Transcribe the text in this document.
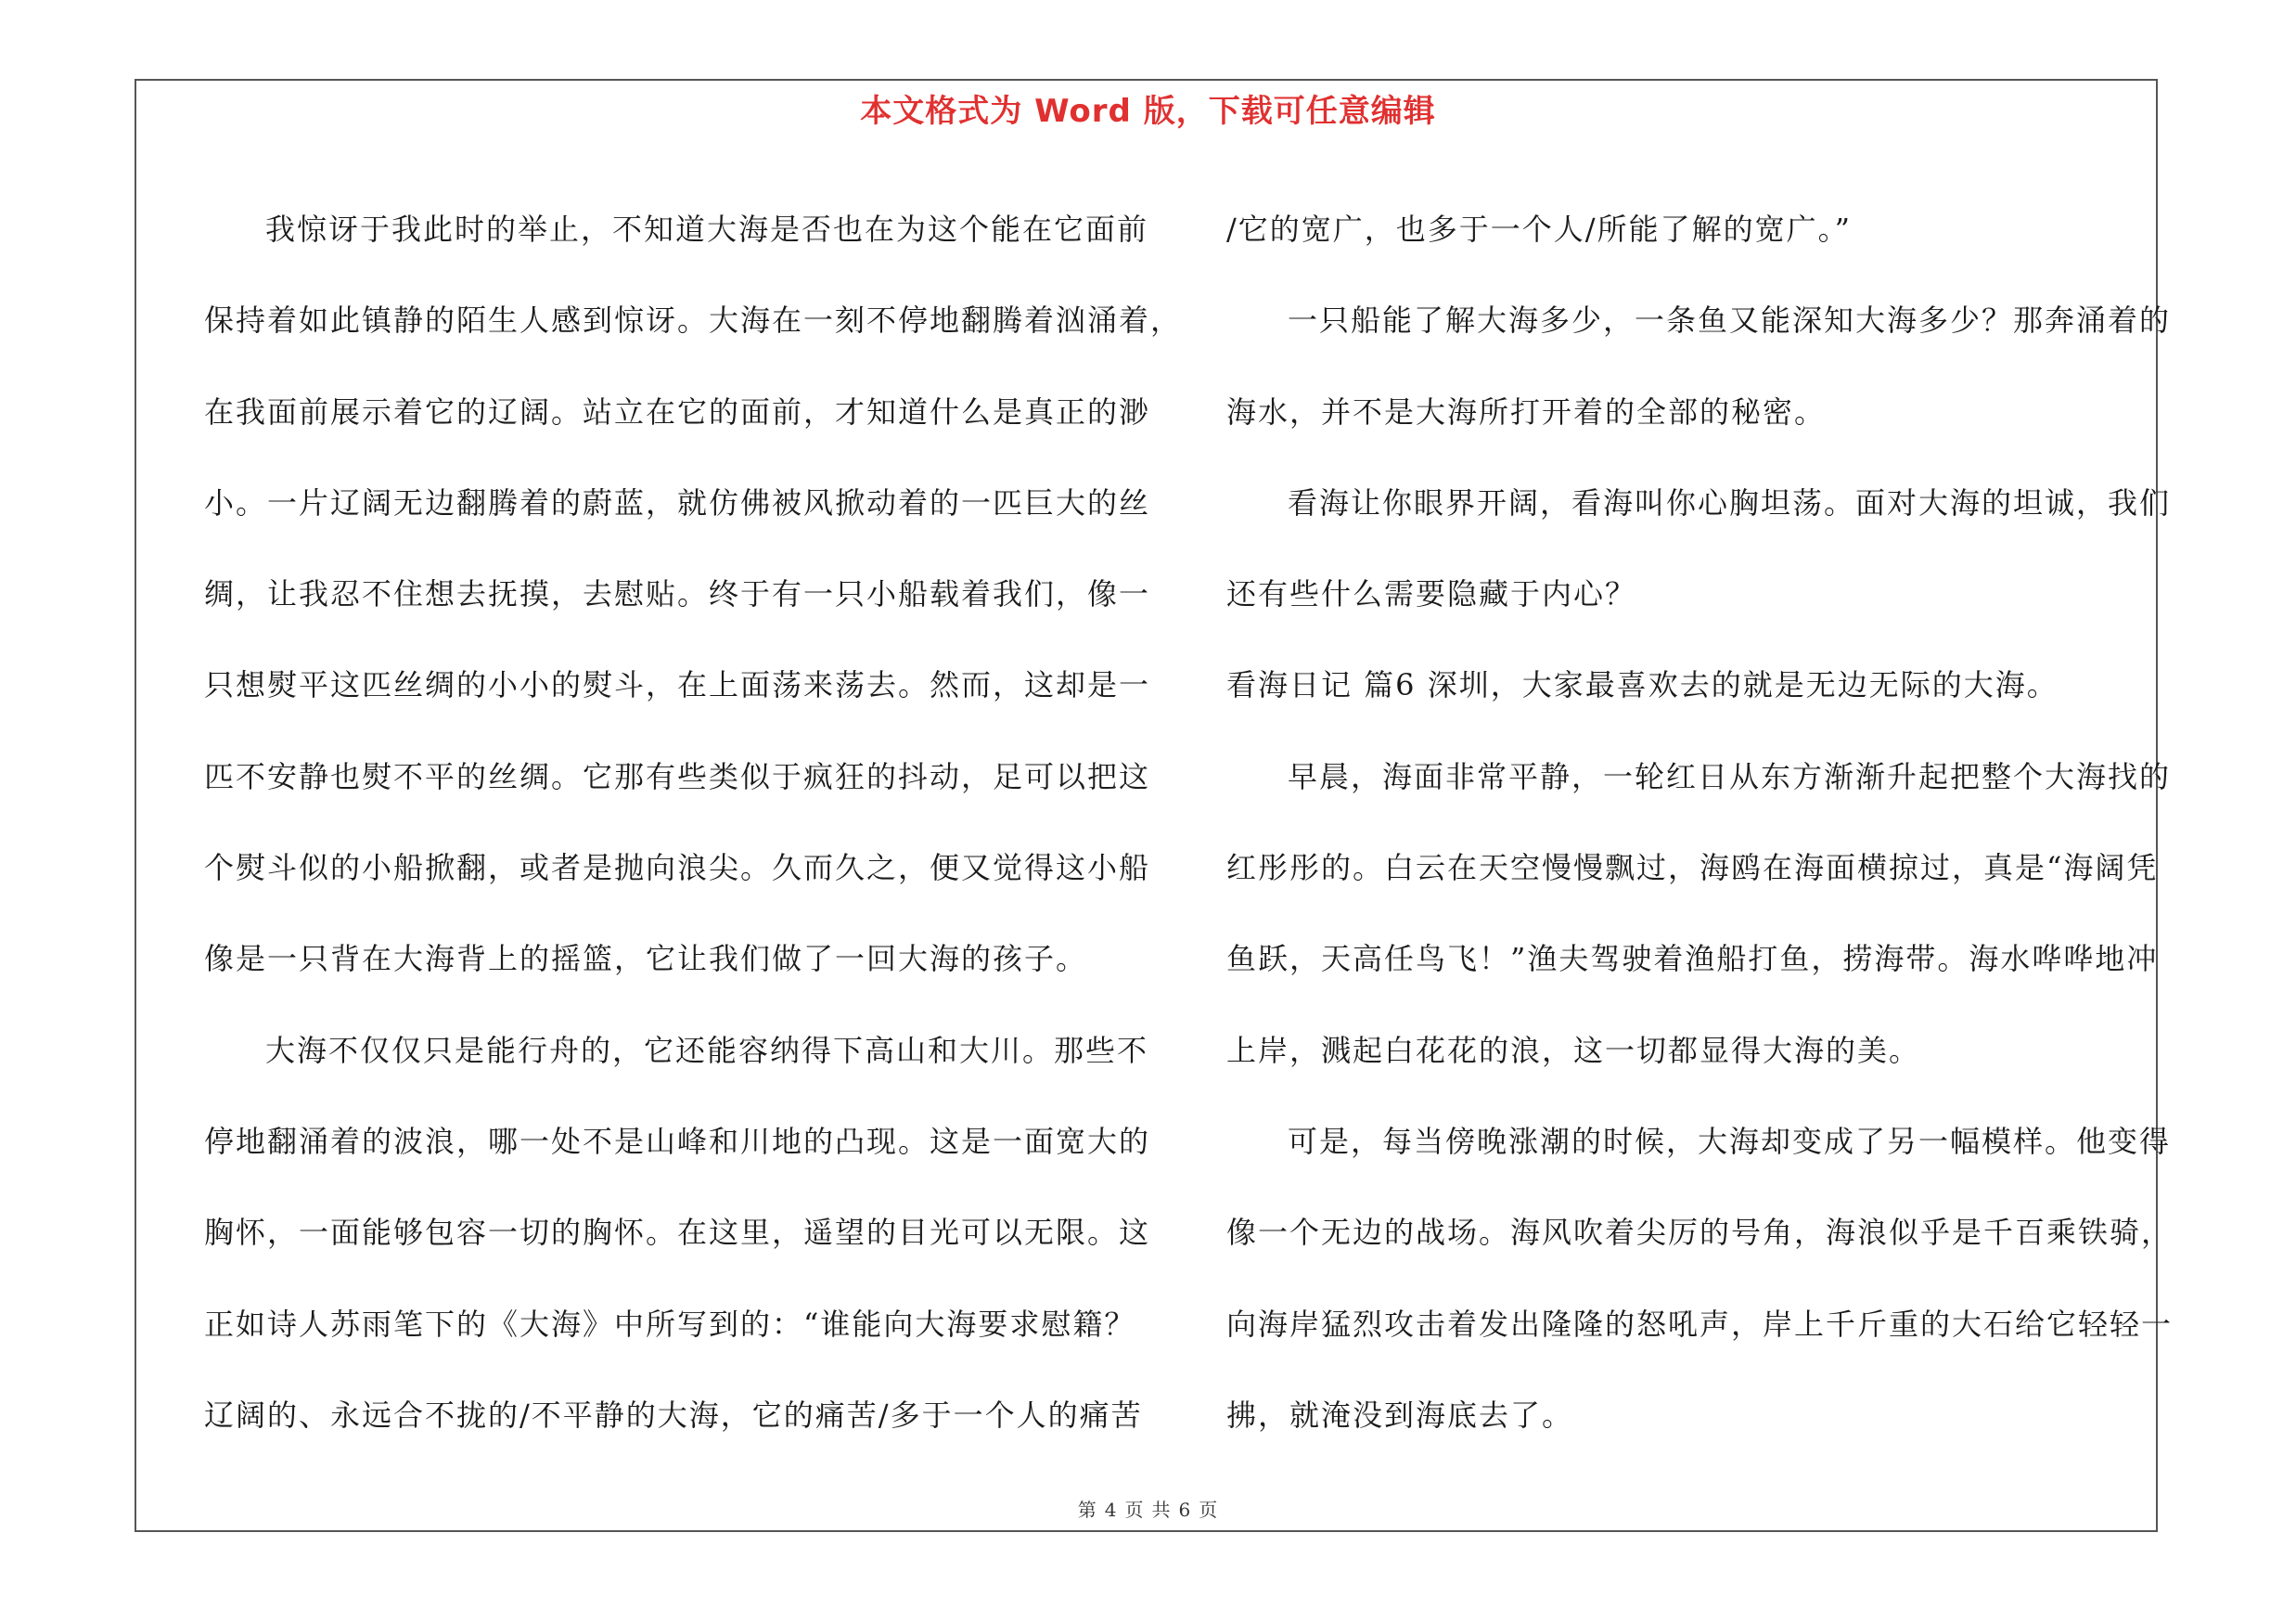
本文格式为 Word 版，下载可任意编辑
我惊讶于我此时的举止，不知道大海是否也在为这个能在它面前
保持着如此镇静的陌生人感到惊讶。大海在一刻不停地翻腾着汹涌着，
在我面前展示着它的辽阔。站立在它的面前，才知道什么是真正的渺
小。一片辽阔无边翻腾着的蔚蓝，就仿佛被风掀动着的一匹巨大的丝
绸，让我忍不住想去抚摸，去慰贴。终于有一只小船载着我们，像一
只想熨平这匹丝绸的小小的熨斗，在上面荡来荡去。然而，这却是一
匹不安静也熨不平的丝绸。它那有些类似于疯狂的抖动，足可以把这
个熨斗似的小船掀翻，或者是抛向浪尖。久而久之，便又觉得这小船
像是一只背在大海背上的摇篮，它让我们做了一回大海的孩子。
大海不仅仅只是能行舟的，它还能容纳得下高山和大川。那些不
停地翻涌着的波浪，哪一处不是山峰和川地的凸现。这是一面宽大的
胸怀，一面能够包容一切的胸怀。在这里，遥望的目光可以无限。这
正如诗人苏雨笔下的《大海》中所写到的：“谁能向大海要求慰籍？
辽阔的、永远合不拢的/不平静的大海，它的痛苦/多于一个人的痛苦
/它的宽广，也多于一个人/所能了解的宽广。”
一只船能了解大海多少，一条鱼又能深知大海多少？那奔涌着的
海水，并不是大海所打开着的全部的秘密。
看海让你眼界开阔，看海叫你心胸坦荡。面对大海的坦诚，我们
还有些什么需要隐藏于内心？
看海日记 篇6 深圳，大家最喜欢去的就是无边无际的大海。
早晨，海面非常平静，一轮红日从东方渐渐升起把整个大海找的
红彤彤的。白云在天空慢慢飘过，海鸥在海面横掠过，真是“海阔凭
鱼跃，天高任鸟飞！”渔夫驾驶着渔船打鱼，捞海带。海水哗哗地冲
上岸，溅起白花花的浪，这一切都显得大海的美。
可是，每当傍晚涨潮的时候，大海却变成了另一幅模样。他变得
像一个无边的战场。海风吹着尖厉的号角，海浪似乎是千百乘铁骑，
向海岸猛烈攻击着发出隆隆的怒吼声，岸上千斤重的大石给它轻轻一
拂，就淹没到海底去了。
第 4 页 共 6 页
